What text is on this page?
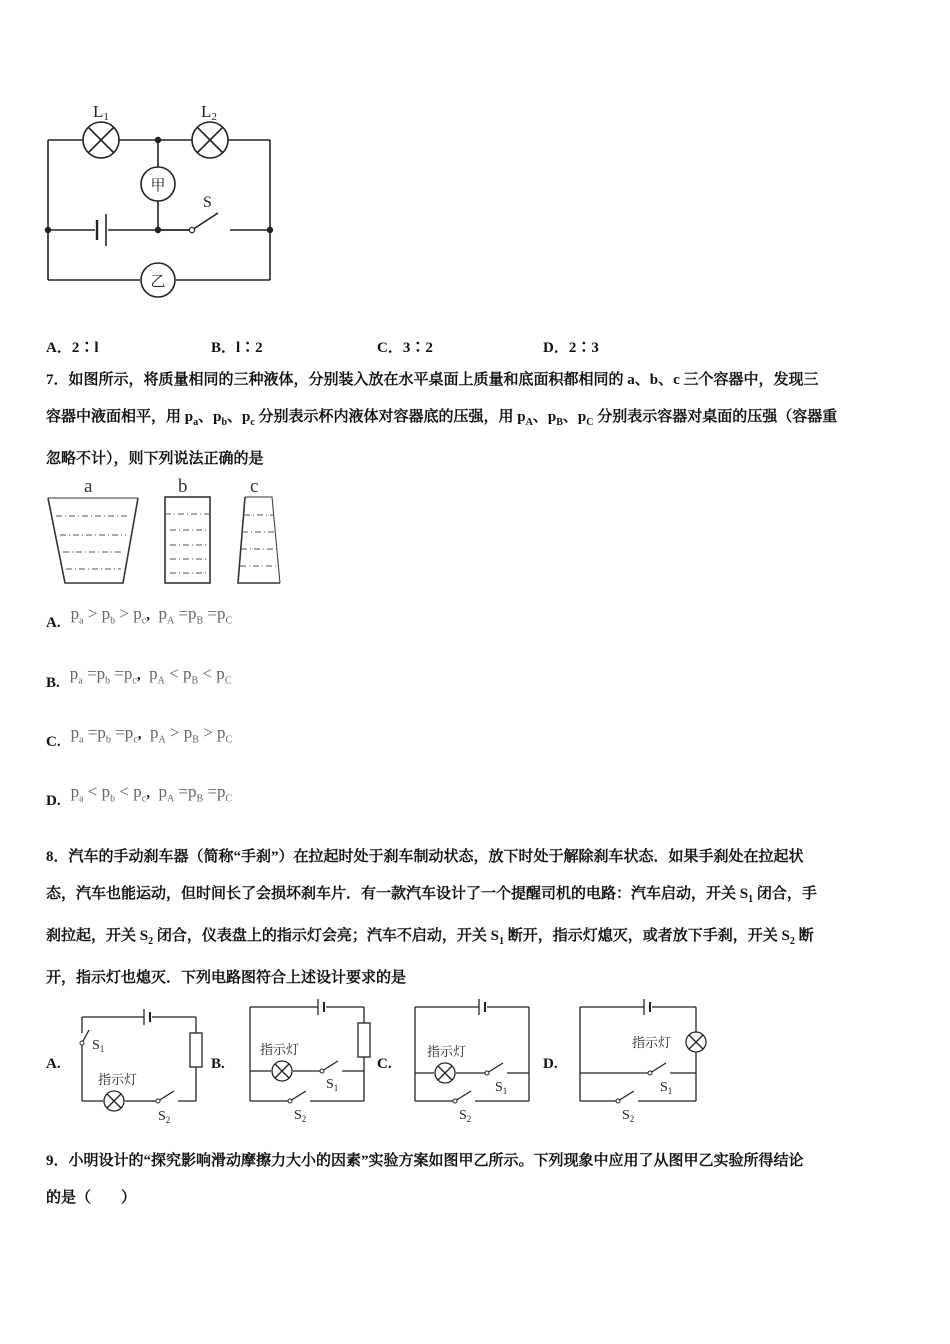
甲
乙
L1	L2
S
A．2∶l	B．l∶2	C．3∶2	D．2∶3
7．如图所示，将质量相同的三种液体，分别装入放在水平桌面上质量和底面积都相同的 a、b、c 三个容器中，发现三
容器中液面相平，用 $p_a$、$p_b$、$p_c$ 分别表示杯内液体对容器底的压强，用 $p_A$、$p_B$、$p_C$ 分别表示容器对桌面的压强（容器重
忽略不计），则下列说法正确的是
a	b	c
A. $p_a > p_b > p_c$, $p_A =p_B =p_C$
B. $p_a =p_b =p_c$, $p_A < p_B < p_C$
C. $p_a =p_b =p_c$, $p_A > p_B > p_C$
D. $p_a < p_b < p_c$, $p_A =p_B =p_C$
8．汽车的手动刹车器（简称“手刹”）在拉起时处于刹车制动状态，放下时处于解除刹车状态．如果手刹处在拉起状
态，汽车也能运动，但时间长了会损坏刹车片．有一款汽车设计了一个提醒司机的电路：汽车启动，开关 $S_1$ 闭合，手
刹拉起，开关 $S_2$ 闭合，仪表盘上的指示灯会亮；汽车不启动，开关 $S_1$ 断开，指示灯熄灭，或者放下手刹，开关 $S_2$ 断
开，指示灯也熄灭．下列电路图符合上述设计要求的是
A.	B.	C.	D.
$S_1$
指示灯
$S_2$
指示灯
$S_1$
$S_2$
指示灯
$S_1$
$S_2$
指示灯
$S_1$
$S_2$
9．小明设计的“探究影响滑动摩擦力大小的因素”实验方案如图甲乙所示。下列现象中应用了从图甲乙实验所得结论
的是（　　）
